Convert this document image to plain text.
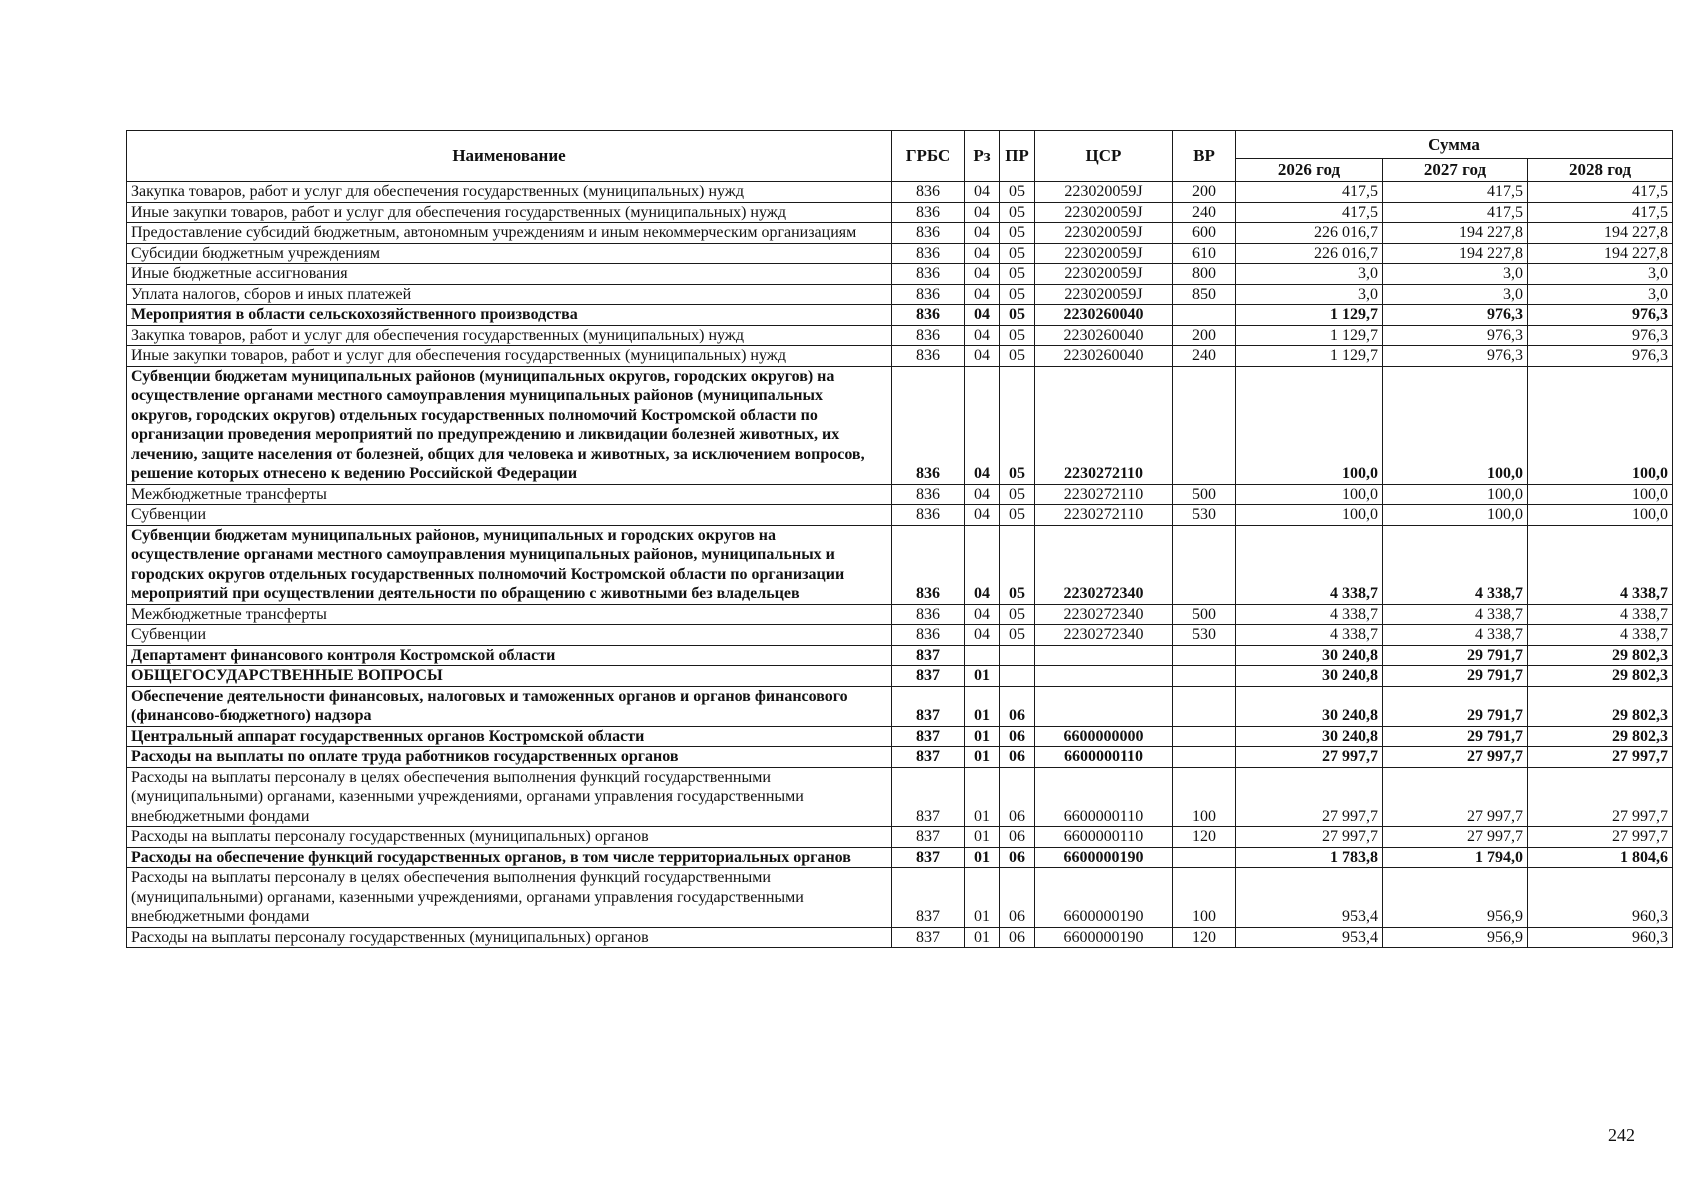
Наименование	ГРБС	Рз	ПР	ЦСР	ВР	Сумма		
						2026 год	2027 год	2028 год
Закупка товаров, работ и услуг для обеспечения государственных (муниципальных) нужд	836	04	05	223020059J	200	417,5	417,5	417,5
Иные закупки товаров, работ и услуг для обеспечения государственных (муниципальных) нужд	836	04	05	223020059J	240	417,5	417,5	417,5
Предоставление субсидий бюджетным, автономным учреждениям и иным некоммерческим организациям	836	04	05	223020059J	600	226 016,7	194 227,8	194 227,8
Субсидии бюджетным учреждениям	836	04	05	223020059J	610	226 016,7	194 227,8	194 227,8
Иные бюджетные ассигнования	836	04	05	223020059J	800	3,0	3,0	3,0
Уплата налогов, сборов и иных платежей	836	04	05	223020059J	850	3,0	3,0	3,0
Мероприятия в области сельскохозяйственного производства	836	04	05	2230260040		1 129,7	976,3	976,3
Закупка товаров, работ и услуг для обеспечения государственных (муниципальных) нужд	836	04	05	2230260040	200	1 129,7	976,3	976,3
Иные закупки товаров, работ и услуг для обеспечения государственных (муниципальных) нужд	836	04	05	2230260040	240	1 129,7	976,3	976,3
Субвенции бюджетам муниципальных районов (муниципальных округов, городских округов) на осуществление органами местного самоуправления муниципальных районов (муниципальных округов, городских округов) отдельных государственных полномочий Костромской области по организации проведения мероприятий по предупреждению и ликвидации болезней животных, их лечению, защите населения от болезней, общих для человека и животных, за исключением вопросов, решение которых отнесено к ведению Российской Федерации	836	04	05	2230272110		100,0	100,0	100,0
Межбюджетные трансферты	836	04	05	2230272110	500	100,0	100,0	100,0
Субвенции	836	04	05	2230272110	530	100,0	100,0	100,0
Субвенции бюджетам муниципальных районов, муниципальных и городских округов на осуществление органами местного самоуправления муниципальных районов, муниципальных и городских округов отдельных государственных полномочий Костромской области по организации мероприятий при осуществлении деятельности по обращению с животными без владельцев	836	04	05	2230272340		4 338,7	4 338,7	4 338,7
Межбюджетные трансферты	836	04	05	2230272340	500	4 338,7	4 338,7	4 338,7
Субвенции	836	04	05	2230272340	530	4 338,7	4 338,7	4 338,7
Департамент финансового контроля Костромской области	837					30 240,8	29 791,7	29 802,3
ОБЩЕГОСУДАРСТВЕННЫЕ ВОПРОСЫ	837	01				30 240,8	29 791,7	29 802,3
Обеспечение деятельности финансовых, налоговых и таможенных органов и органов финансового (финансово-бюджетного) надзора	837	01	06			30 240,8	29 791,7	29 802,3
Центральный аппарат государственных органов Костромской области	837	01	06	6600000000		30 240,8	29 791,7	29 802,3
Расходы на выплаты по оплате труда работников государственных органов	837	01	06	6600000110		27 997,7	27 997,7	27 997,7
Расходы на выплаты персоналу в целях обеспечения выполнения функций государственными (муниципальными) органами, казенными учреждениями, органами управления государственными внебюджетными фондами	837	01	06	6600000110	100	27 997,7	27 997,7	27 997,7
Расходы на выплаты персоналу государственных (муниципальных) органов	837	01	06	6600000110	120	27 997,7	27 997,7	27 997,7
Расходы на обеспечение функций государственных органов, в том числе территориальных органов	837	01	06	6600000190		1 783,8	1 794,0	1 804,6
Расходы на выплаты персоналу в целях обеспечения выполнения функций государственными (муниципальными) органами, казенными учреждениями, органами управления государственными внебюджетными фондами	837	01	06	6600000190	100	953,4	956,9	960,3
Расходы на выплаты персоналу государственных (муниципальных) органов	837	01	06	6600000190	120	953,4	956,9	960,3
242
